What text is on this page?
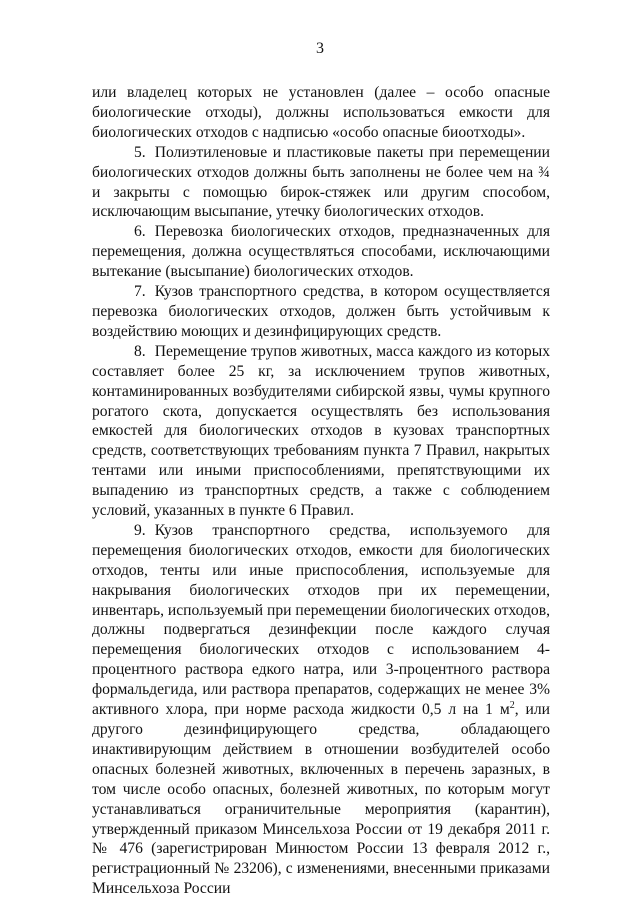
3

или владелец которых не установлен (далее – особо опасные биологические отходы), должны использоваться емкости для биологических отходов с надписью «особо опасные биоотходы».

5. Полиэтиленовые и пластиковые пакеты при перемещении биологических отходов должны быть заполнены не более чем на ¾ и закрыты с помощью бирок-стяжек или другим способом, исключающим высыпание, утечку биологических отходов.

6. Перевозка биологических отходов, предназначенных для перемещения, должна осуществляться способами, исключающими вытекание (высыпание) биологических отходов.

7. Кузов транспортного средства, в котором осуществляется перевозка биологических отходов, должен быть устойчивым к воздействию моющих и дезинфицирующих средств.

8. Перемещение трупов животных, масса каждого из которых составляет более 25 кг, за исключением трупов животных, контаминированных возбудителями сибирской язвы, чумы крупного рогатого скота, допускается осуществлять без использования емкостей для биологических отходов в кузовах транспортных средств, соответствующих требованиям пункта 7 Правил, накрытых тентами или иными приспособлениями, препятствующими их выпадению из транспортных средств, а также с соблюдением условий, указанных в пункте 6 Правил.

9. Кузов транспортного средства, используемого для перемещения биологических отходов, емкости для биологических отходов, тенты или иные приспособления, используемые для накрывания биологических отходов при их перемещении, инвентарь, используемый при перемещении биологических отходов, должны подвергаться дезинфекции после каждого случая перемещения биологических отходов с использованием 4-процентного раствора едкого натра, или 3-процентного раствора формальдегида, или раствора препаратов, содержащих не менее 3% активного хлора, при норме расхода жидкости 0,5 л на 1 $м^2$, или другого дезинфицирующего средства, обладающего инактивирующим действием в отношении возбудителей особо опасных болезней животных, включенных в перечень заразных, в том числе особо опасных, болезней животных, по которым могут устанавливаться ограничительные мероприятия (карантин), утвержденный приказом Минсельхоза России от 19 декабря 2011 г. № 476 (зарегистрирован Минюстом России 13 февраля 2012 г., регистрационный № 23206), с изменениями, внесенными приказами Минсельхоза России
